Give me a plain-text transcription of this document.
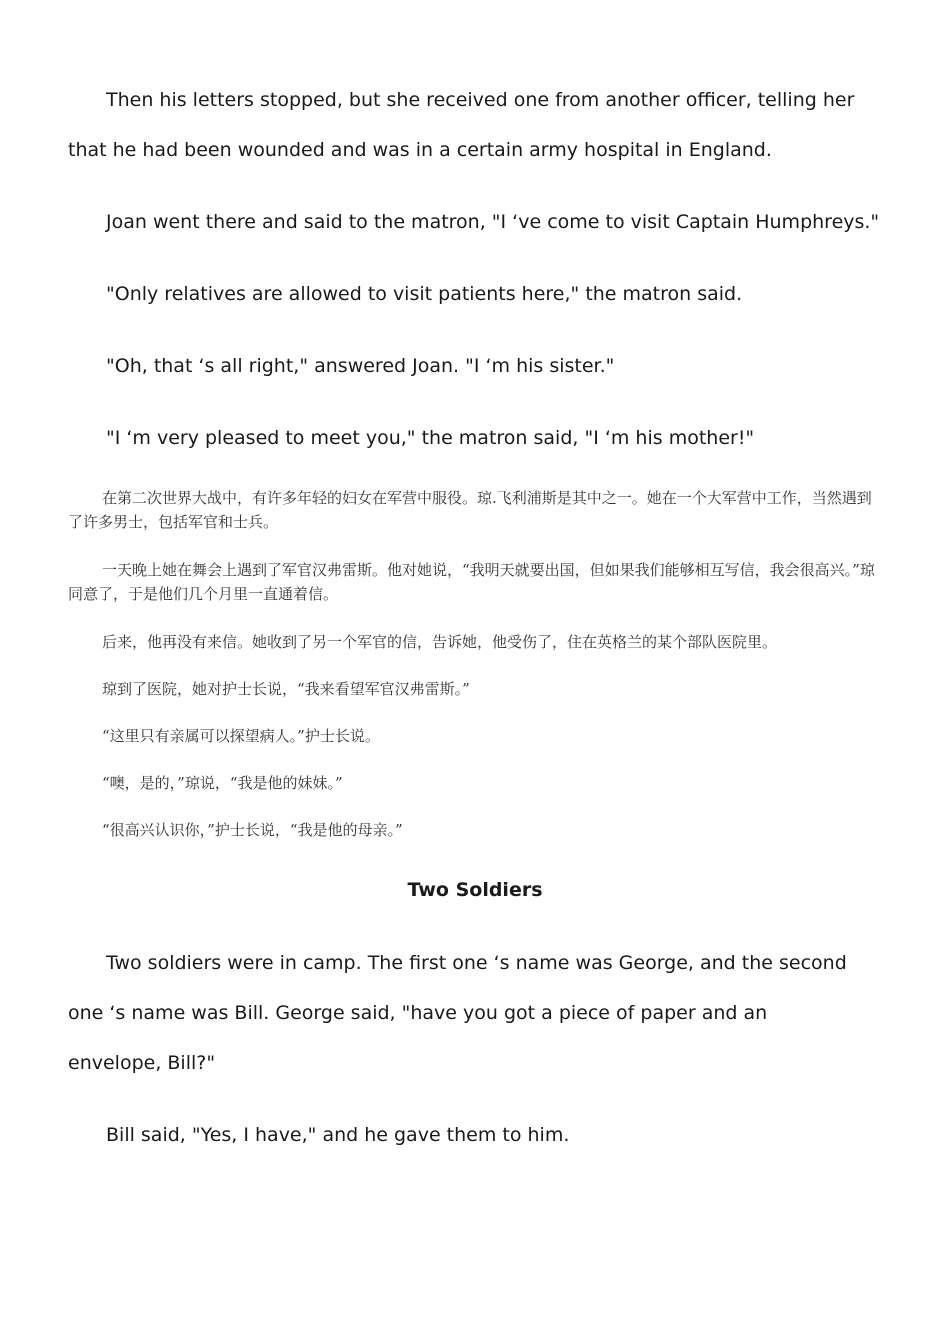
Then his letters stopped, but she received one from another officer, telling her that he had been wounded and was in a certain army hospital in England.

Joan went there and said to the matron, "I ‘ve come to visit Captain Humphreys."

"Only relatives are allowed to visit patients here," the matron said.

"Oh, that ‘s all right," answered Joan. "I ‘m his sister."

"I ‘m very pleased to meet you," the matron said, "I ‘m his mother!"

在第二次世界大战中，有许多年轻的妇女在军营中服役。琼.飞利浦斯是其中之一。她在一个大军营中工作，当然遇到了许多男士，包括军官和士兵。

一天晚上她在舞会上遇到了军官汉弗雷斯。他对她说，“我明天就要出国，但如果我们能够相互写信，我会很高兴。”琼同意了，于是他们几个月里一直通着信。

后来，他再没有来信。她收到了另一个军官的信，告诉她，他受伤了，住在英格兰的某个部队医院里。

琼到了医院，她对护士长说，“我来看望军官汉弗雷斯。”

“这里只有亲属可以探望病人。”护士长说。

“噢，是的，”琼说，“我是他的妹妹。”

“很高兴认识你，”护士长说，“我是他的母亲。”

Two Soldiers

Two soldiers were in camp. The first one ‘s name was George, and the second one ‘s name was Bill. George said, "have you got a piece of paper and an envelope, Bill?"

Bill said, "Yes, I have," and he gave them to him.
